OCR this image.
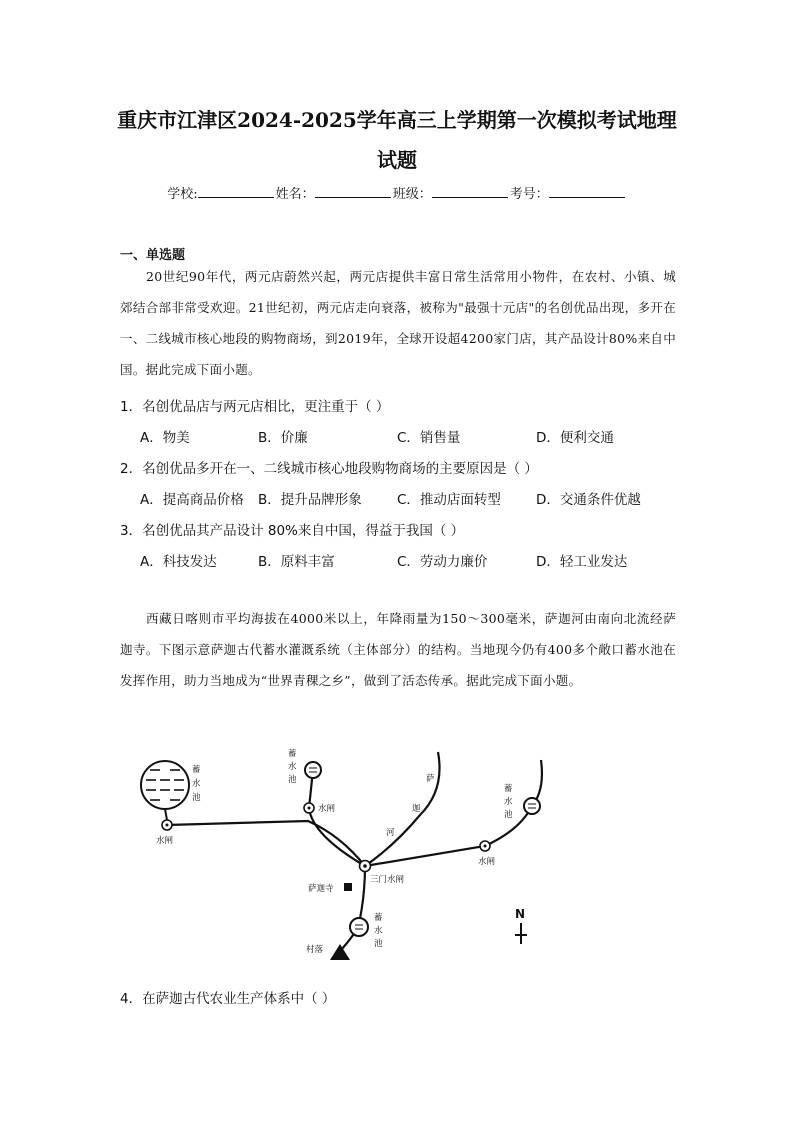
重庆市江津区2024-2025学年高三上学期第一次模拟考试地理
试题
学校:	姓名：	班级：	考号：
一、单选题
20世纪90年代，两元店蔚然兴起，两元店提供丰富日常生活常用小物件，在农村、小镇、城郊结合部非常受欢迎。21世纪初，两元店走向衰落，被称为"最强十元店"的名创优品出现，多开在一、二线城市核心地段的购物商场，到2019年，全球开设超4200家门店，其产品设计80%来自中国。据此完成下面小题。
1．名创优品店与两元店相比，更注重于（ ）
A．物美	B．价廉	C．销售量	D．便利交通
2．名创优品多开在一、二线城市核心地段购物商场的主要原因是（ ）
A．提高商品价格 B．提升品牌形象	C．推动店面转型	D．交通条件优越
3．名创优品其产品设计 80%来自中国，得益于我国（ ）
A．科技发达	B．原料丰富	C．劳动力廉价	D．轻工业发达
西藏日喀则市平均海拔在4000米以上，年降雨量为150～300毫米，萨迦河由南向北流经萨迦寺。下图示意萨迦古代蓄水灌溉系统（主体部分）的结构。当地现今仍有400多个敞口蓄水池在发挥作用，助力当地成为“世界青稞之乡”，做到了活态传承。据此完成下面小题。
蓄
水
池
蓄
水
池
蓄
水
池
蓄
水
池
水闸
水闸
水闸
三门水闸
萨迦寺
村落
萨
迦
河
N
4．在萨迦古代农业生产体系中（ ）
